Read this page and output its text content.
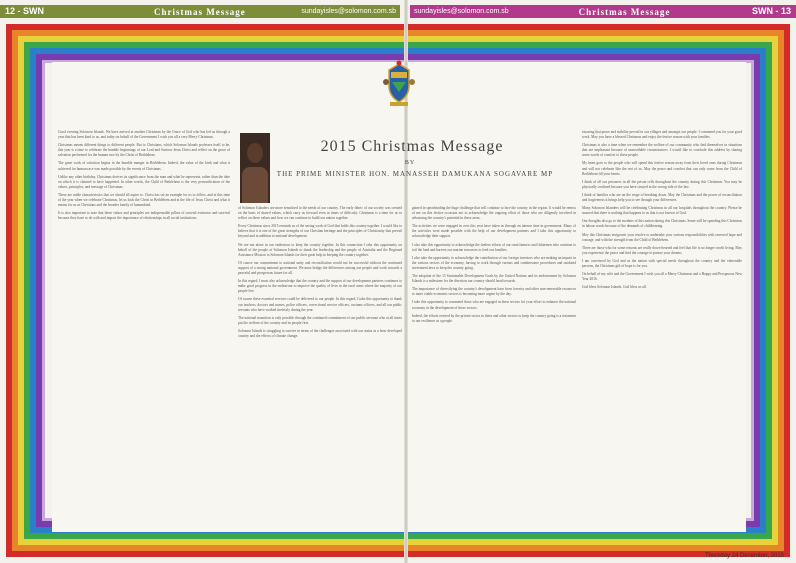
12 - SWN	Christmas Message	sundayisles@solomon.com.sb	sundayisles@solomon.com.sb	Christmas Message	SWN - 13
2015 Christmas Message
BY
THE PRIME MINISTER HON. MANASSEH DAMUKANA SOGAVARE MP

Good evening Solomon Islands. We have arrived at another Christmas by the Grace of God who has led us through a year that has been kind to us, and today on behalf of the Government I wish you all a very Merry Christmas.

Christmas means different things to different people. But to Christians, which Solomon Islands professes itself to be, this year is a time to celebrate the humble beginnings of our Lord and Saviour Jesus Christ and reflect on the grace of salvation performed for the human race by the Christ of Bethlehem.

The great work of salvation begins in the humble manger in Bethlehem. Indeed, the value of the birth and what it achieved for human race was made possible by the events of Christmas.

Unlike any other birthday, Christmas derives its significance from the man and what he represents, rather than the date on which it is claimed to have happened. In other words, the Child of Bethlehem is the very personification of the values, principles, and message of Christmas.

These are noble characteristics that we should all aspire to. Christ has set an example for us to follow, and at this time of the year when we celebrate Christmas, let us look the Christ in Bethlehem and at the life of Jesus Christ and what it means for us as Christians and the broader family of humankind.

It is also important to note that these values and principles are indispensable pillars of societal existence and survival because they have to do with and impact the importance of relationships in all social institutions.

of Solomon Islanders are more sensitised to the needs of our country. The early fabric of our society was created on the basis of shared values, which carry us forward even in times of difficulty. Christmas is a time for us to reflect on these values and how we can continue to build our nation together.

Every Christmas since 2015 reminds us of the saving work of God that holds this country together. I would like to believe that it is one of the great strengths of our Christian heritage and the principles of Christianity that prevail beyond and in addition to national development.

We are not alone in our endeavour to keep the country together. In this connection I take this opportunity on behalf of the people of Solomon Islands to thank the leadership and the people of Australia and the Regional Assistance Mission to Solomon Islands for their great help in keeping the country together.

Of course our commitment to national unity and reconciliation would not be successful without the continued support of a strong national government. We must bridge the differences among our people and work towards a peaceful and prosperous future for all.

In this regard, I must also acknowledge that the country and the support of our development partners continues to make good progress in the endeavour to improve the quality of lives in the rural areas where the majority of our people live.

Of course these essential services could be delivered to our people. In this regard, I take this opportunity to thank our teachers, doctors and nurses, police officers, correctional service officers, customs officers, and all our public servants who have worked tirelessly during the year.

The national transition is only possible through the continued commitment of our public servants who at all times put the welfare of the country and its people first.

Solomon Islands is struggling to survive in terms of the challenges associated with our status as a least developed country and the effects of climate change.

gained in spearheading the huge challenge that will continue to face the country in the region. It would be remiss of me on this festive occasion not to acknowledge the ongoing effort of those who are diligently involved in advancing the country's potential in these areas.

The activities we were engaged in over this year have taken us through an intense time in government. Many of the activities were made possible with the help of our development partners and I take this opportunity to acknowledge their support.

I also take this opportunity to acknowledge the tireless efforts of our rural farmers and fishermen who continue to toil the land and harvest our marine resources to feed our families.

I also take the opportunity to acknowledge the contribution of our foreign investors who are making an impact in the various sectors of the economy, having to work through various and cumbersome procedures and outdated investment laws to keep the country going.

The adoption of the 15 Sustainable Development Goals by the United Nations and its endorsement by Solomon Islands is a milestone for the direction our country should head towards.

The importance of diversifying the country's development base from forestry and other non-renewable resources to more viable economic sectors is becoming more urgent by the day.

I take this opportunity to commend those who are engaged in these sectors for your effort to enhance the national economy in the development of these sectors.

Indeed, the efforts exerted by the private sector in these and other sectors to keep the country going is a testament to our resilience as a people.

ensuring that peace and stability prevail in our villages and amongst our people. I commend you for your good work. May you have a blessed Christmas and enjoy the festive season with your families.

Christmas is also a time when we remember the welfare of our community who find themselves in situations that are unpleasant because of unavoidable circumstances. I would like to conclude this address by sharing some words of comfort to these people.

My heart goes to the people who will spend this festive season away from their loved ones during Christmas and will not celebrate like the rest of us. May the peace and comfort that can only come from the Child of Bethlehem fill your hearts.

I think of all our prisoners in all the prison cells throughout the country during this Christmas. You may be physically confined because you have strayed in the wrong side of the law.

I think of families who are on the verge of breaking down. May the Christmas and the power of reconciliation and forgiveness it brings help you to see through your differences.

Many Solomon Islanders will be celebrating Christmas in all our hospitals throughout the country. Please be assured that there is nothing that happens to us that is not known of God.

Our thoughts also go to the mothers of this nation during this Christmas. Some will be spending this Christmas in labour wards because of the demands of childbearing.

Mey this Christmas invigorate your resolve to undertake your various responsibilities with renewed hope and courage, and with the strength from the Child of Bethlehem.

There are those who for some reasons are really down-hearted and feel that life is no longer worth living. May you experience the peace and find the courage to pursue your dreams.

I am convinced by God and as the nation with special needs throughout the country and the vulnerable persons, the Christmas gift of hope is for you.

On behalf of my wife and the Government I wish you all a Merry Christmas and a Happy and Prosperous New Year 2016.

God bless Solomon Islands, God bless us all.

Thursday 24 December, 2015
